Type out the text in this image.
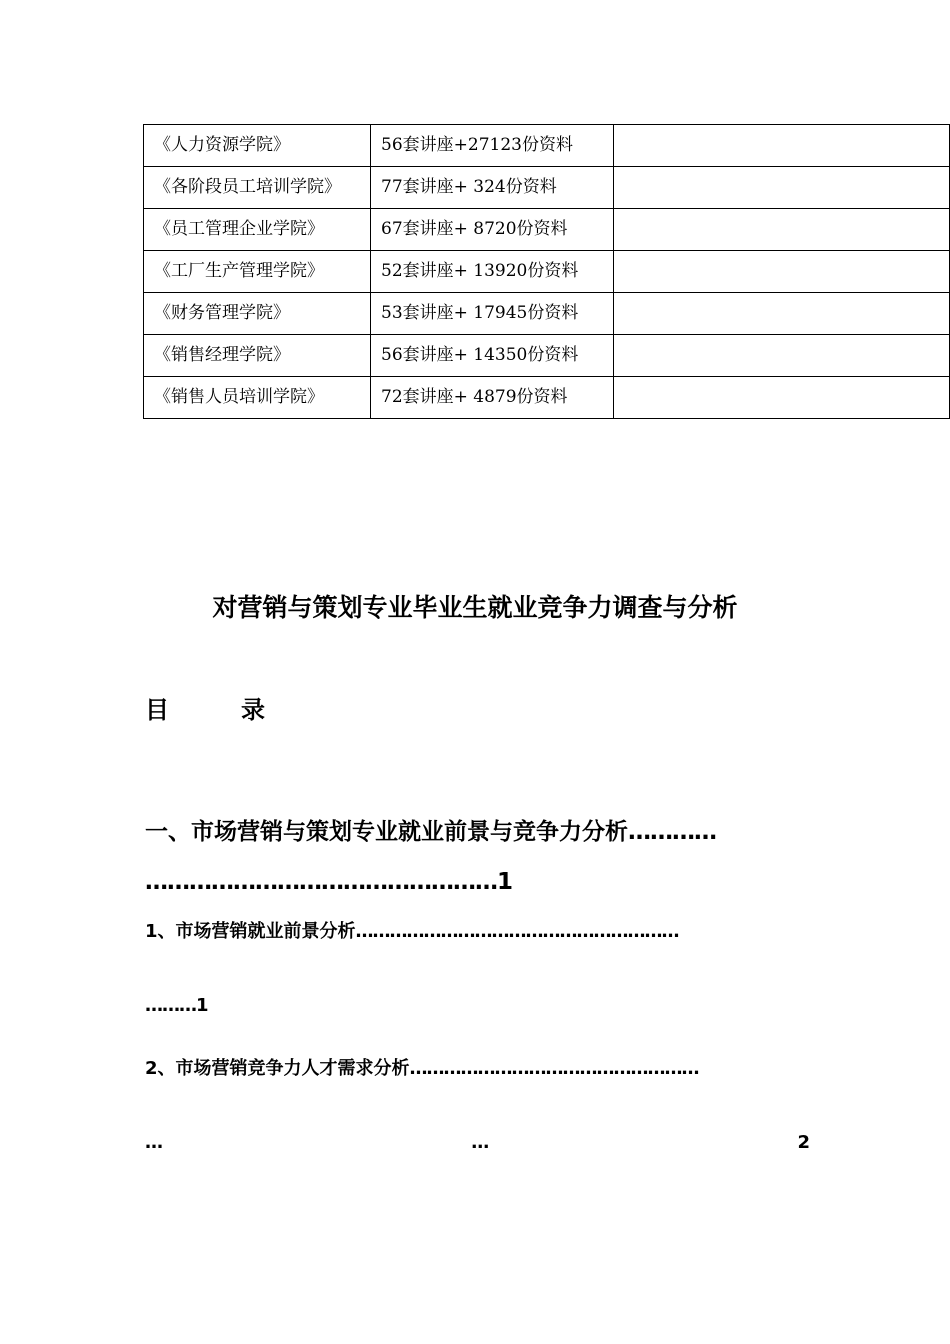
《人力资源学院》	56套讲座+27123份资料	
《各阶段员工培训学院》	77套讲座+ 324份资料	
《员工管理企业学院》	67套讲座+ 8720份资料	
《工厂生产管理学院》	52套讲座+ 13920份资料	
《财务管理学院》	53套讲座+ 17945份资料	
《销售经理学院》	56套讲座+ 14350份资料	
《销售人员培训学院》	72套讲座+ 4879份资料	
对营销与策划专业毕业生就业竞争力调查与分析
目	录

一、市场营销与策划专业就业前景与竞争力分析…………

…………………………………………1

1、市场营销就业前景分析…………………………………………………

………1

2、市场营销竞争力人才需求分析……………………………………………

…	…	2
